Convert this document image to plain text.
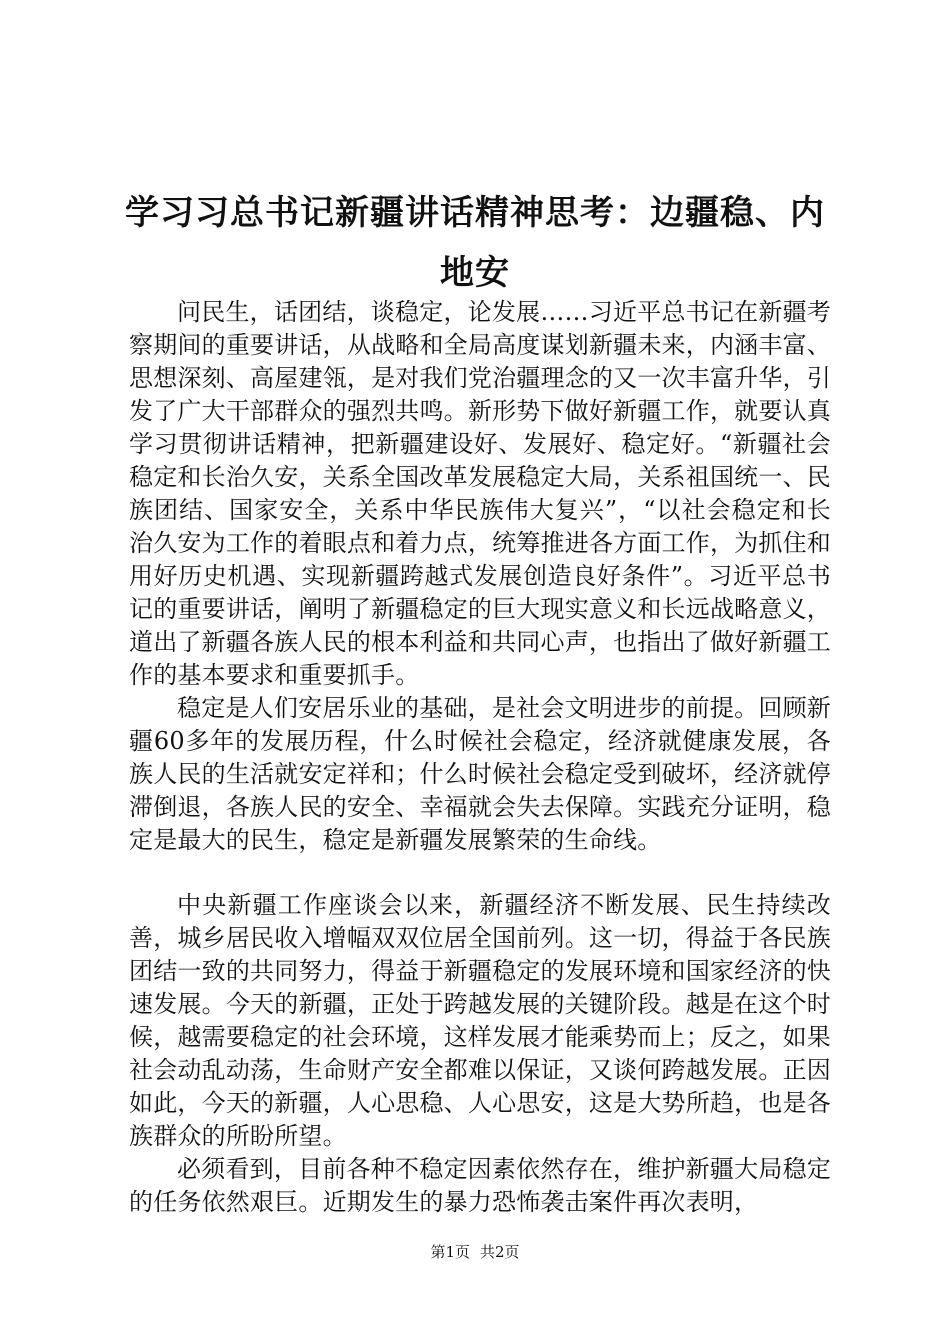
学习习总书记新疆讲话精神思考：边疆稳、内
地安

问民生，话团结，谈稳定，论发展……习近平总书记在新疆考察期间的重要讲话，从战略和全局高度谋划新疆未来，内涵丰富、思想深刻、高屋建瓴，是对我们党治疆理念的又一次丰富升华，引发了广大干部群众的强烈共鸣。新形势下做好新疆工作，就要认真学习贯彻讲话精神，把新疆建设好、发展好、稳定好。“新疆社会稳定和长治久安，关系全国改革发展稳定大局，关系祖国统一、民族团结、国家安全，关系中华民族伟大复兴”，“以社会稳定和长治久安为工作的着眼点和着力点，统筹推进各方面工作，为抓住和用好历史机遇、实现新疆跨越式发展创造良好条件”。习近平总书记的重要讲话，阐明了新疆稳定的巨大现实意义和长远战略意义，道出了新疆各族人民的根本利益和共同心声，也指出了做好新疆工作的基本要求和重要抓手。

稳定是人们安居乐业的基础，是社会文明进步的前提。回顾新疆60多年的发展历程，什么时候社会稳定，经济就健康发展，各族人民的生活就安定祥和；什么时候社会稳定受到破坏，经济就停滞倒退，各族人民的安全、幸福就会失去保障。实践充分证明，稳定是最大的民生，稳定是新疆发展繁荣的生命线。

中央新疆工作座谈会以来，新疆经济不断发展、民生持续改善，城乡居民收入增幅双双位居全国前列。这一切，得益于各民族团结一致的共同努力，得益于新疆稳定的发展环境和国家经济的快速发展。今天的新疆，正处于跨越发展的关键阶段。越是在这个时候，越需要稳定的社会环境，这样发展才能乘势而上；反之，如果社会动乱动荡，生命财产安全都难以保证，又谈何跨越发展。正因如此，今天的新疆，人心思稳、人心思安，这是大势所趋，也是各族群众的所盼所望。

必须看到，目前各种不稳定因素依然存在，维护新疆大局稳定的任务依然艰巨。近期发生的暴力恐怖袭击案件再次表明，

第1页 共2页
